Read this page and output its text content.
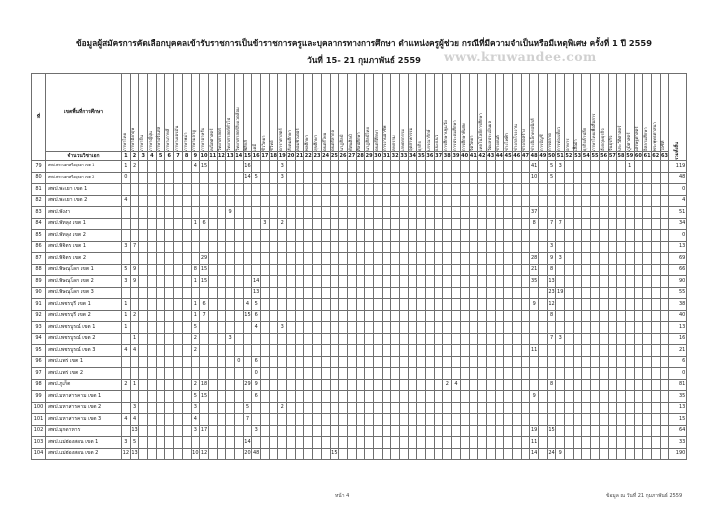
ข้อมูลผู้สมัครการคัดเลือกบุคคลเข้ารับราชการเป็นข้าราชการครูและบุคลากรทางการศึกษา ตำแหน่งครูผู้ช่วย กรณีที่มีความจำเป็นหรือมีเหตุพิเศษ ครั้งที่ 1 ปี 2559
www.kruwandee.com
วันที่ 15- 21 กุมภาพันธ์ 2559
ที่	เขตพื้นที่การศึกษา	ภาษาไทย	ภาษาอังกฤษ	ภาษาจีน	ภาษาญี่ปุ่น	ภาษาฝรั่งเศส	ภาษาเกาหลี	ภาษาเยอรมัน	ภาษาพม่า	ภาษามลายู	ภาษาอาหรับ	คณิตศาสตร์	วิทยาศาสตร์	วิทยาศาสตร์ทั่วไป	วิทยาศาสตร์สิ่งแวดล้อม	ฟิสิกส์	เคมี	ชีววิทยา	ชีวิทย์	ดาราศาสตร์	สังคมศึกษา	คอมพิวเตอร์	พลศึกษา	สุขศึกษา	ดนตรีไทย	ดนตรีสากล	นาฏศิลป์	ทัศนศิลป์	ศิลปศึกษา	นาฏศิลป์ไทย	ดนตรีศึกษา	การงานอาชีพ	คหกรรม	เกษตรกรรม	อุตสาหกรรม	ธุรกิจ	บรรณารักษ์	แนะแนว	การศึกษาปฐมวัย	การประถมศึกษา	การศึกษาพิเศษ	จิตวิทยา	เทคโนโลยีการศึกษา	วัดผลประเมินผล	ช่างยนต์	ช่างไฟฟ้า	ช่างกลโรงงาน	ช่างก่อสร้าง	ช่างอิเล็กทรอนิกส์	การบัญชี	การตลาด	การท่องเที่ยว	อาหาร	เสื้อผ้า	ธุรกิจค้าปลีก	ภาษาไทยเพื่อสื่อสาร	อังกฤษธุรกิจ	จีนธุรกิจ	ประวัติศาสตร์	ภูมิศาสตร์	เศรษฐศาสตร์	อิสลามศึกษา	พระพุทธศาสนา	ไอซีที	รวมทั้งสิ้น

จำนวนวิชาเอก	1	2	3	4	5	6	7	8	9	10	11	12	13	14	15	16	17	18	19	20	21	22	23	24	25	26	27	28	29	30	31	32	33	34	35	36	37	38	39	40	41	42	43	44	45	46	47	48	49	50	51	52	53	54	55	56	57	58	59	60	61	62	63
79	สพป.พระนครศรีอยุธยา เขต 1	1	2							4	15					16				3																													41		5	3								1					119
80	สพป.พระนครศรีอยุธยา เขต 2	0														14	5			3																													10		5														48
81	สพป.พะเยา เขต 1																																																																0
82	สพป.พะเยา เขต 2	4																																																															4
83	สพป.พังงา													9																																			37																51
84	สพป.พัทลุง เขต 1									1	6							3		2																													8		7	7													34
85	สพป.พัทลุง เขต 2																																																																0
86	สพป.พิจิตร เขต 1	3	7																																																3														13
87	สพป.พิจิตร เขต 2										29																																						28		9	3													69
88	สพป.พิษณุโลก เขต 1	5	9							8	15																																						21		8														66
89	สพป.พิษณุโลก เขต 2	3	9							1	15						14																																35		13														90
90	สพป.พิษณุโลก เขต 3																13																																		23	19													55
91	สพป.เพชรบุรี เขต 1	1								1	6					4	5																																9		12														38
92	สพป.เพชรบุรี เขต 2	1	2							1	7					15	6																																		8														40
93	สพป.เพชรบูรณ์ เขต 1	1								5							4			3																																													13
94	สพป.เพชรบูรณ์ เขต 2		1							2				3																																					7	3													16
95	สพป.เพชรบูรณ์ เขต 3	4	4							2																																							11																21
96	สพป.แพร่ เขต 1														0		6																																																6
97	สพป.แพร่ เขต 2																0																																																0
98	สพป.ภูเก็ต	2	1							2	18					29	9																						2	4											8														81
99	สพป.มหาสารคาม เขต 1									5	15						6																																9																35
100	สพป.มหาสารคาม เขต 2		3							3						5				2																																													13
101	สพป.มหาสารคาม เขต 3	4	4							4						7																																																	15
102	สพป.มุกดาหาร		13							3	17						3																																19		15														64
103	สพป.แม่ฮ่องสอน เขต 1	3	5													14																																	11																33
104	สพป.แม่ฮ่องสอน เขต 2	12	13							10	12					20	48									15																							14		24	9													190
หน้า 4	ข้อมูล ณ วันที่ 21 กุมภาพันธ์ 2559
